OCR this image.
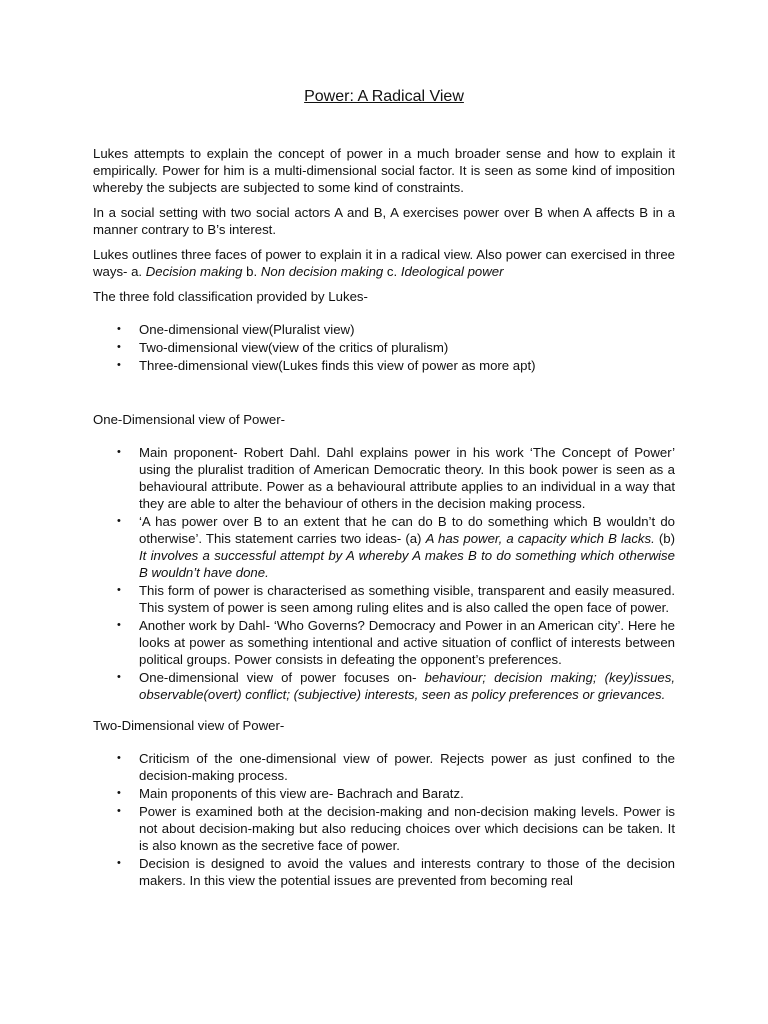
Power: A Radical View

Lukes attempts to explain the concept of power in a much broader sense and how to explain it empirically. Power for him is a multi-dimensional social factor. It is seen as some kind of imposition whereby the subjects are subjected to some kind of constraints.

In a social setting with two social actors A and B, A exercises power over B when A affects B in a manner contrary to B’s interest.

Lukes outlines three faces of power to explain it in a radical view. Also power can exercised in three ways- a. Decision making b. Non decision making c. Ideological power

The three fold classification provided by Lukes-

• One-dimensional view(Pluralist view)
• Two-dimensional view(view of the critics of pluralism)
• Three-dimensional view(Lukes finds this view of power as more apt)

One-Dimensional view of Power-

• Main proponent- Robert Dahl. Dahl explains power in his work ‘The Concept of Power’ using the pluralist tradition of American Democratic theory. In this book power is seen as a behavioural attribute. Power as a behavioural attribute applies to an individual in a way that they are able to alter the behaviour of others in the decision making process.
• ‘A has power over B to an extent that he can do B to do something which B wouldn’t do otherwise’. This statement carries two ideas- (a) A has power, a capacity which B lacks. (b) It involves a successful attempt by A whereby A makes B to do something which otherwise B wouldn’t have done.
• This form of power is characterised as something visible, transparent and easily measured. This system of power is seen among ruling elites and is also called the open face of power.
• Another work by Dahl- ‘Who Governs? Democracy and Power in an American city’. Here he looks at power as something intentional and active situation of conflict of interests between political groups. Power consists in defeating the opponent’s preferences.
• One-dimensional view of power focuses on- behaviour; decision making; (key)issues, observable(overt) conflict; (subjective) interests, seen as policy preferences or grievances.

Two-Dimensional view of Power-

• Criticism of the one-dimensional view of power. Rejects power as just confined to the decision-making process.
• Main proponents of this view are- Bachrach and Baratz.
• Power is examined both at the decision-making and non-decision making levels. Power is not about decision-making but also reducing choices over which decisions can be taken. It is also known as the secretive face of power.
• Decision is designed to avoid the values and interests contrary to those of the decision makers. In this view the potential issues are prevented from becoming real
